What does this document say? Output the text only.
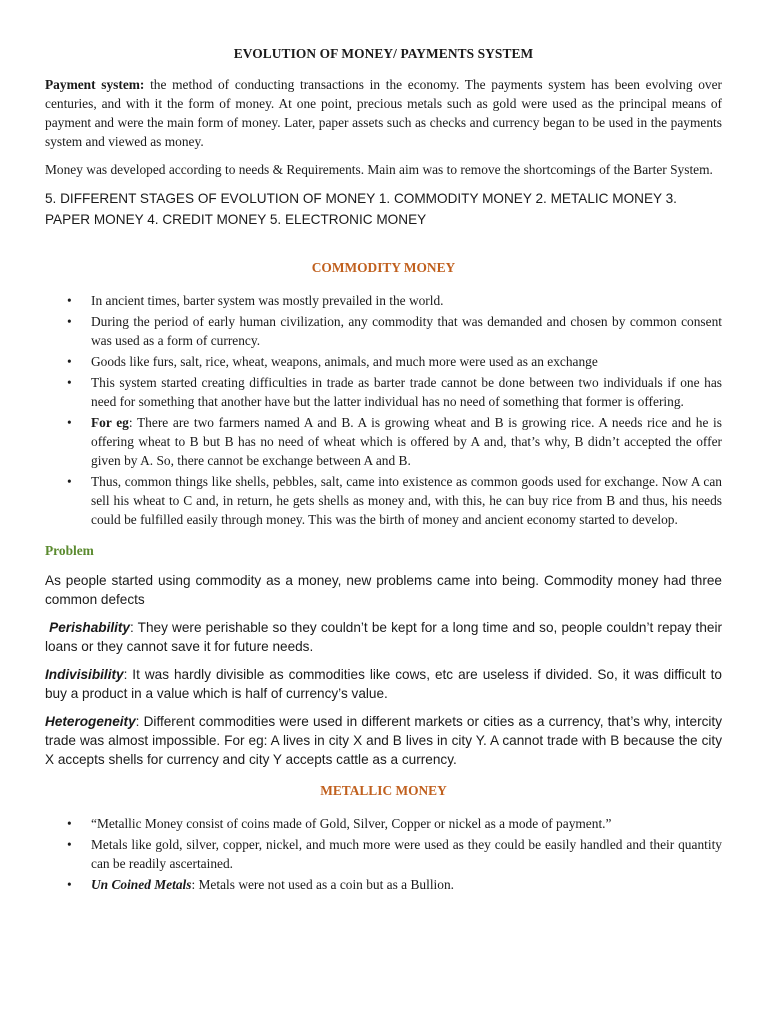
EVOLUTION OF MONEY/ PAYMENTS SYSTEM

Payment system: the method of conducting transactions in the economy. The payments system has been evolving over centuries, and with it the form of money. At one point, precious metals such as gold were used as the principal means of payment and were the main form of money. Later, paper assets such as checks and currency began to be used in the payments system and viewed as money.

Money was developed according to needs & Requirements. Main aim was to remove the shortcomings of the Barter System.

5. DIFFERENT STAGES OF EVOLUTION OF MONEY 1. COMMODITY MONEY 2. METALIC MONEY 3. PAPER MONEY 4. CREDIT MONEY 5. ELECTRONIC MONEY
COMMODITY MONEY
• In ancient times, barter system was mostly prevailed in the world.
• During the period of early human civilization, any commodity that was demanded and chosen by common consent was used as a form of currency.
• Goods like furs, salt, rice, wheat, weapons, animals, and much more were used as an exchange
• This system started creating difficulties in trade as barter trade cannot be done between two individuals if one has need for something that another have but the latter individual has no need of something that former is offering.
• For eg: There are two farmers named A and B. A is growing wheat and B is growing rice. A needs rice and he is offering wheat to B but B has no need of wheat which is offered by A and, that’s why, B didn’t accepted the offer given by A. So, there cannot be exchange between A and B.
• Thus, common things like shells, pebbles, salt, came into existence as common goods used for exchange. Now A can sell his wheat to C and, in return, he gets shells as money and, with this, he can buy rice from B and thus, his needs could be fulfilled easily through money. This was the birth of money and ancient economy started to develop.
Problem

As people started using commodity as a money, new problems came into being. Commodity money had three common defects

Perishability: They were perishable so they couldn’t be kept for a long time and so, people couldn’t repay their loans or they cannot save it for future needs.

Indivisibility: It was hardly divisible as commodities like cows, etc are useless if divided. So, it was difficult to buy a product in a value which is half of currency’s value.

Heterogeneity: Different commodities were used in different markets or cities as a currency, that’s why, intercity trade was almost impossible. For eg: A lives in city X and B lives in city Y. A cannot trade with B because the city X accepts shells for currency and city Y accepts cattle as a currency.

METALLIC MONEY
• “Metallic Money consist of coins made of Gold, Silver, Copper or nickel as a mode of payment.”
• Metals like gold, silver, copper, nickel, and much more were used as they could be easily handled and their quantity can be readily ascertained.
• Un Coined Metals: Metals were not used as a coin but as a Bullion.
